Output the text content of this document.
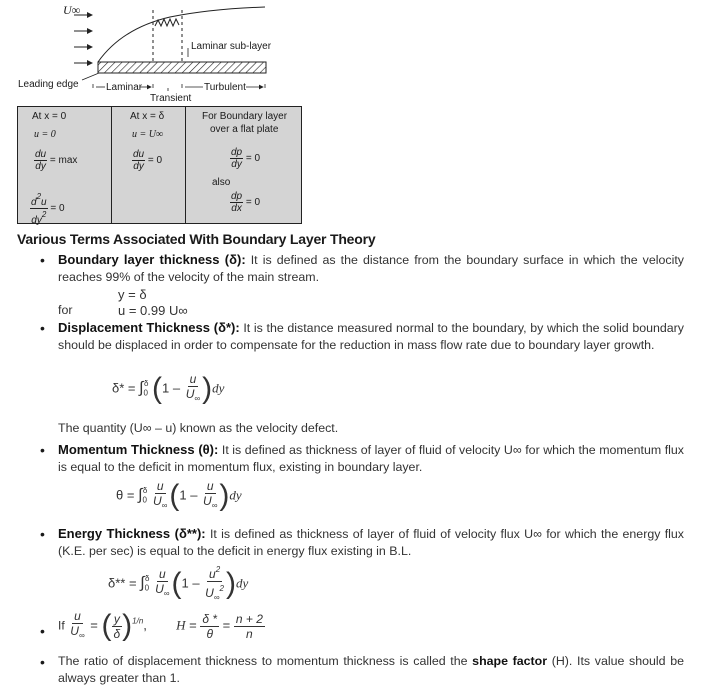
U∞
Laminar sub-layer
Leading edge	Laminar
Transient
Turbulent
At x = 0
u = 0
$\frac{du}{dy} = \max$
$\frac{d^2u}{dy^2} = 0$
At x = δ
u = U∞
$\frac{du}{dy} = 0$
For Boundary layer
over a flat plate
$\frac{dp}{dy} = 0$
also
$\frac{dp}{dx} = 0$
Various Terms Associated With Boundary Layer Theory
• Boundary layer thickness (δ): It is defined as the distance from the boundary surface in which the velocity reaches 99% of the velocity of the main stream.
y = δ
for	u = 0.99 U∞
• Displacement Thickness (δ*): It is the distance measured normal to the boundary, by which the solid boundary should be displaced in order to compensate for the reduction in mass flow rate due to boundary layer growth.
$\delta* = \int_0^\delta$ $(1 - \frac{u}{U_\infty} )dy$
The quantity (U∞ – u) known as the velocity defect.
• Momentum Thickness (θ): It is defined as thickness of layer of fluid of velocity U∞ for which the momentum flux is equal to the deficit in momentum flux, existing in boundary layer.
$\theta = \int_0^\delta \frac{u}{U_\infty} (1 - \frac{u}{U_\infty} )dy$
• Energy Thickness (δ**): It is defined as thickness of layer of fluid of velocity flux U∞ for which the energy flux (K.E. per sec) is equal to the deficit in energy flux existing in B.L.
$\delta** = \int_0^\delta \frac{u}{U_\infty} (1 - \frac{u^2}{U_\infty^2} )dy$
• If $\frac{u}{U_\infty}$ = ( $\frac{y}{\delta} )^{1/n}$,  $H = \frac{\delta *}{\theta} = \frac{n + 2}{n}$
• The ratio of displacement thickness to momentum thickness is called the shape factor (H). Its value should be always greater than 1.
